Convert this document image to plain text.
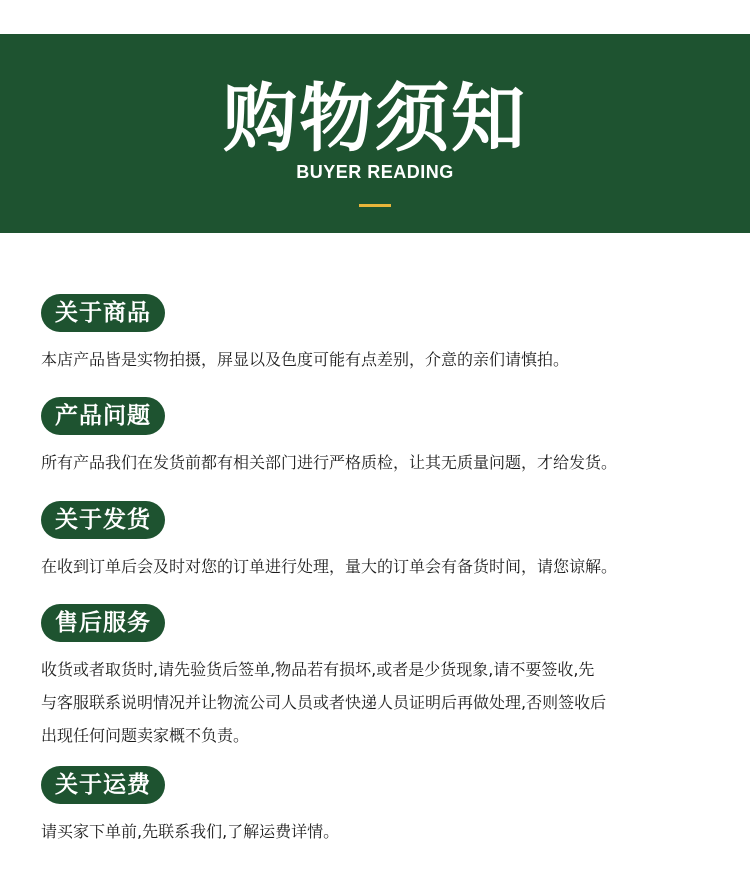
购物须知
BUYER READING
关于商品

本店产品皆是实物拍摄，屏显以及色度可能有点差别，介意的亲们请慎拍。

产品问题

所有产品我们在发货前都有相关部门进行严格质检，让其无质量问题，才给发货。

关于发货

在收到订单后会及时对您的订单进行处理，量大的订单会有备货时间，请您谅解。

售后服务

收货或者取货时,请先验货后签单,物品若有损坏,或者是少货现象,请不要签收,先

与客服联系说明情况并让物流公司人员或者快递人员证明后再做处理,否则签收后

出现任何问题卖家概不负责。

关于运费

请买家下单前,先联系我们,了解运费详情。
